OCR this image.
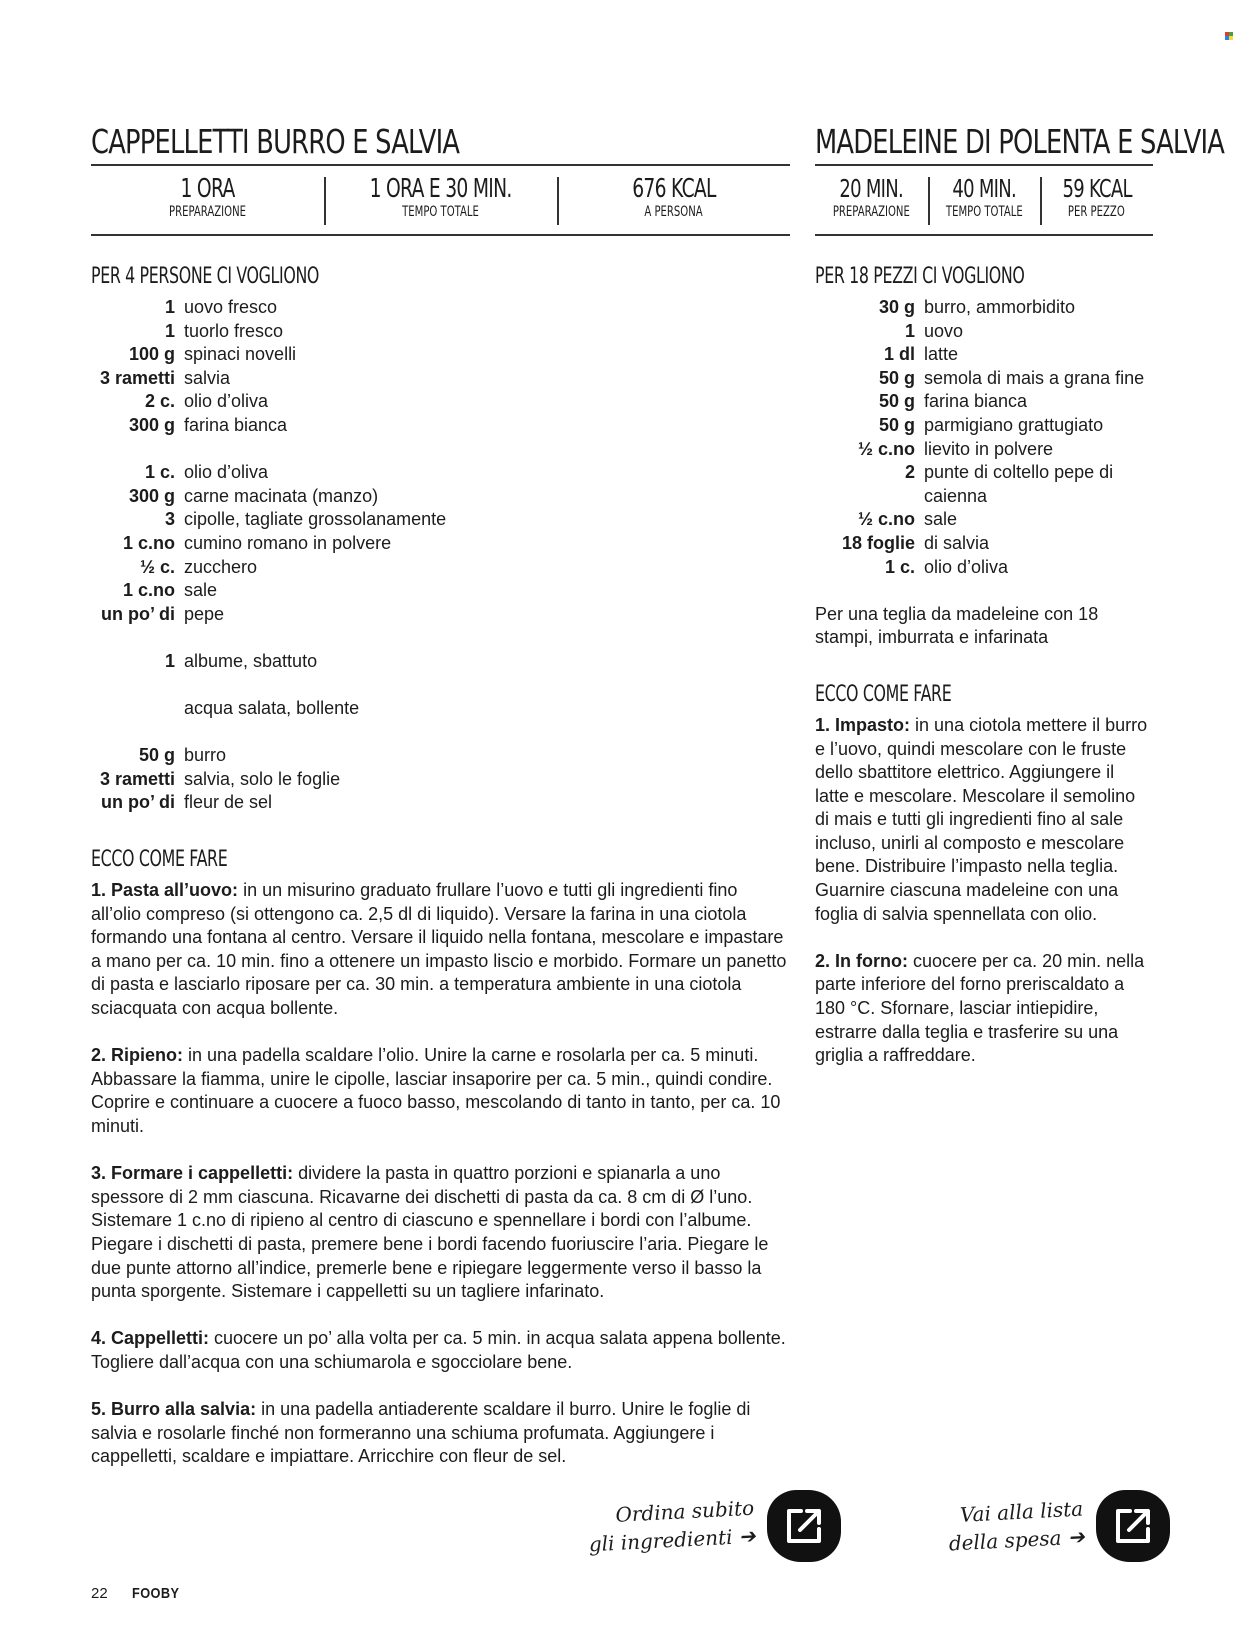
CAPPELLETTI BURRO E SALVIA
1 ORA
PREPARAZIONE
1 ORA E 30 MIN.
TEMPO TOTALE
676 KCAL
A PERSONA
PER 4 PERSONE CI VOGLIONO
1 uovo fresco
1 tuorlo fresco
100 g spinaci novelli
3 rametti salvia
2 c. olio d’oliva
300 g farina bianca
1 c. olio d’oliva
300 g carne macinata (manzo)
3 cipolle, tagliate grossolanamente
1 c.no cumino romano in polvere
½ c. zucchero
1 c.no sale
un po’ di pepe
1 albume, sbattuto
acqua salata, bollente
50 g burro
3 rametti salvia, solo le foglie
un po’ di fleur de sel
ECCO COME FARE
1. Pasta all’uovo: in un misurino graduato frullare l’uovo e tutti gli ingredienti fino all’olio compreso (si ottengono ca. 2,5 dl di liquido). Versare la farina in una ciotola formando una fontana al centro. Versare il liquido nella fontana, mescolare e impastare a mano per ca. 10 min. fino a ottenere un impasto liscio e morbido. Formare un panetto di pasta e lasciarlo riposare per ca. 30 min. a temperatura ambiente in una ciotola sciacquata con acqua bollente.
2. Ripieno: in una padella scaldare l’olio. Unire la carne e rosolarla per ca. 5 minuti. Abbassare la fiamma, unire le cipolle, lasciar insaporire per ca. 5 min., quindi condire. Coprire e continuare a cuocere a fuoco basso, mescolando di tanto in tanto, per ca. 10 minuti.
3. Formare i cappelletti: dividere la pasta in quattro porzioni e spianarla a uno spessore di 2 mm ciascuna. Ricavarne dei dischetti di pasta da ca. 8 cm di Ø l’uno. Sistemare 1 c.no di ripieno al centro di ciascuno e spennellare i bordi con l’albume. Piegare i dischetti di pasta, premere bene i bordi facendo fuoriuscire l’aria. Piegare le due punte attorno all’indice, premerle bene e ripiegare leggermente verso il basso la punta sporgente. Sistemare i cappelletti su un tagliere infarinato.
4. Cappelletti: cuocere un po’ alla volta per ca. 5 min. in acqua salata appena bollente. Togliere dall’acqua con una schiumarola e sgocciolare bene.
5. Burro alla salvia: in una padella antiaderente scaldare il burro. Unire le foglie di salvia e rosolarle finché non formeranno una schiuma profumata. Aggiungere i cappelletti, scaldare e impiattare. Arricchire con fleur de sel.
MADELEINE DI POLENTA E SALVIA
20 MIN.
PREPARAZIONE
40 MIN.
TEMPO TOTALE
59 KCAL
PER PEZZO
PER 18 PEZZI CI VOGLIONO
30 g burro, ammorbidito
1 uovo
1 dl latte
50 g semola di mais a grana fine
50 g farina bianca
50 g parmigiano grattugiato
½ c.no lievito in polvere
2 punte di coltello pepe di caienna
½ c.no sale
18 foglie di salvia
1 c. olio d’oliva
Per una teglia da madeleine con 18 stampi, imburrata e infarinata
ECCO COME FARE
1. Impasto: in una ciotola mettere il burro e l’uovo, quindi mescolare con le fruste dello sbattitore elettrico. Aggiungere il latte e mescolare. Mescolare il semolino di mais e tutti gli ingredienti fino al sale incluso, unirli al composto e mescolare bene. Distribuire l’impasto nella teglia. Guarnire ciascuna madeleine con una foglia di salvia spennellata con olio.
2. In forno: cuocere per ca. 20 min. nella parte inferiore del forno preriscaldato a 180 °C. Sfornare, lasciar intiepidire, estrarre dalla teglia e trasferire su una griglia a raffreddare.
Ordina subito
gli ingredienti ➔
Vai alla lista
della spesa ➔
22 FOOBY
